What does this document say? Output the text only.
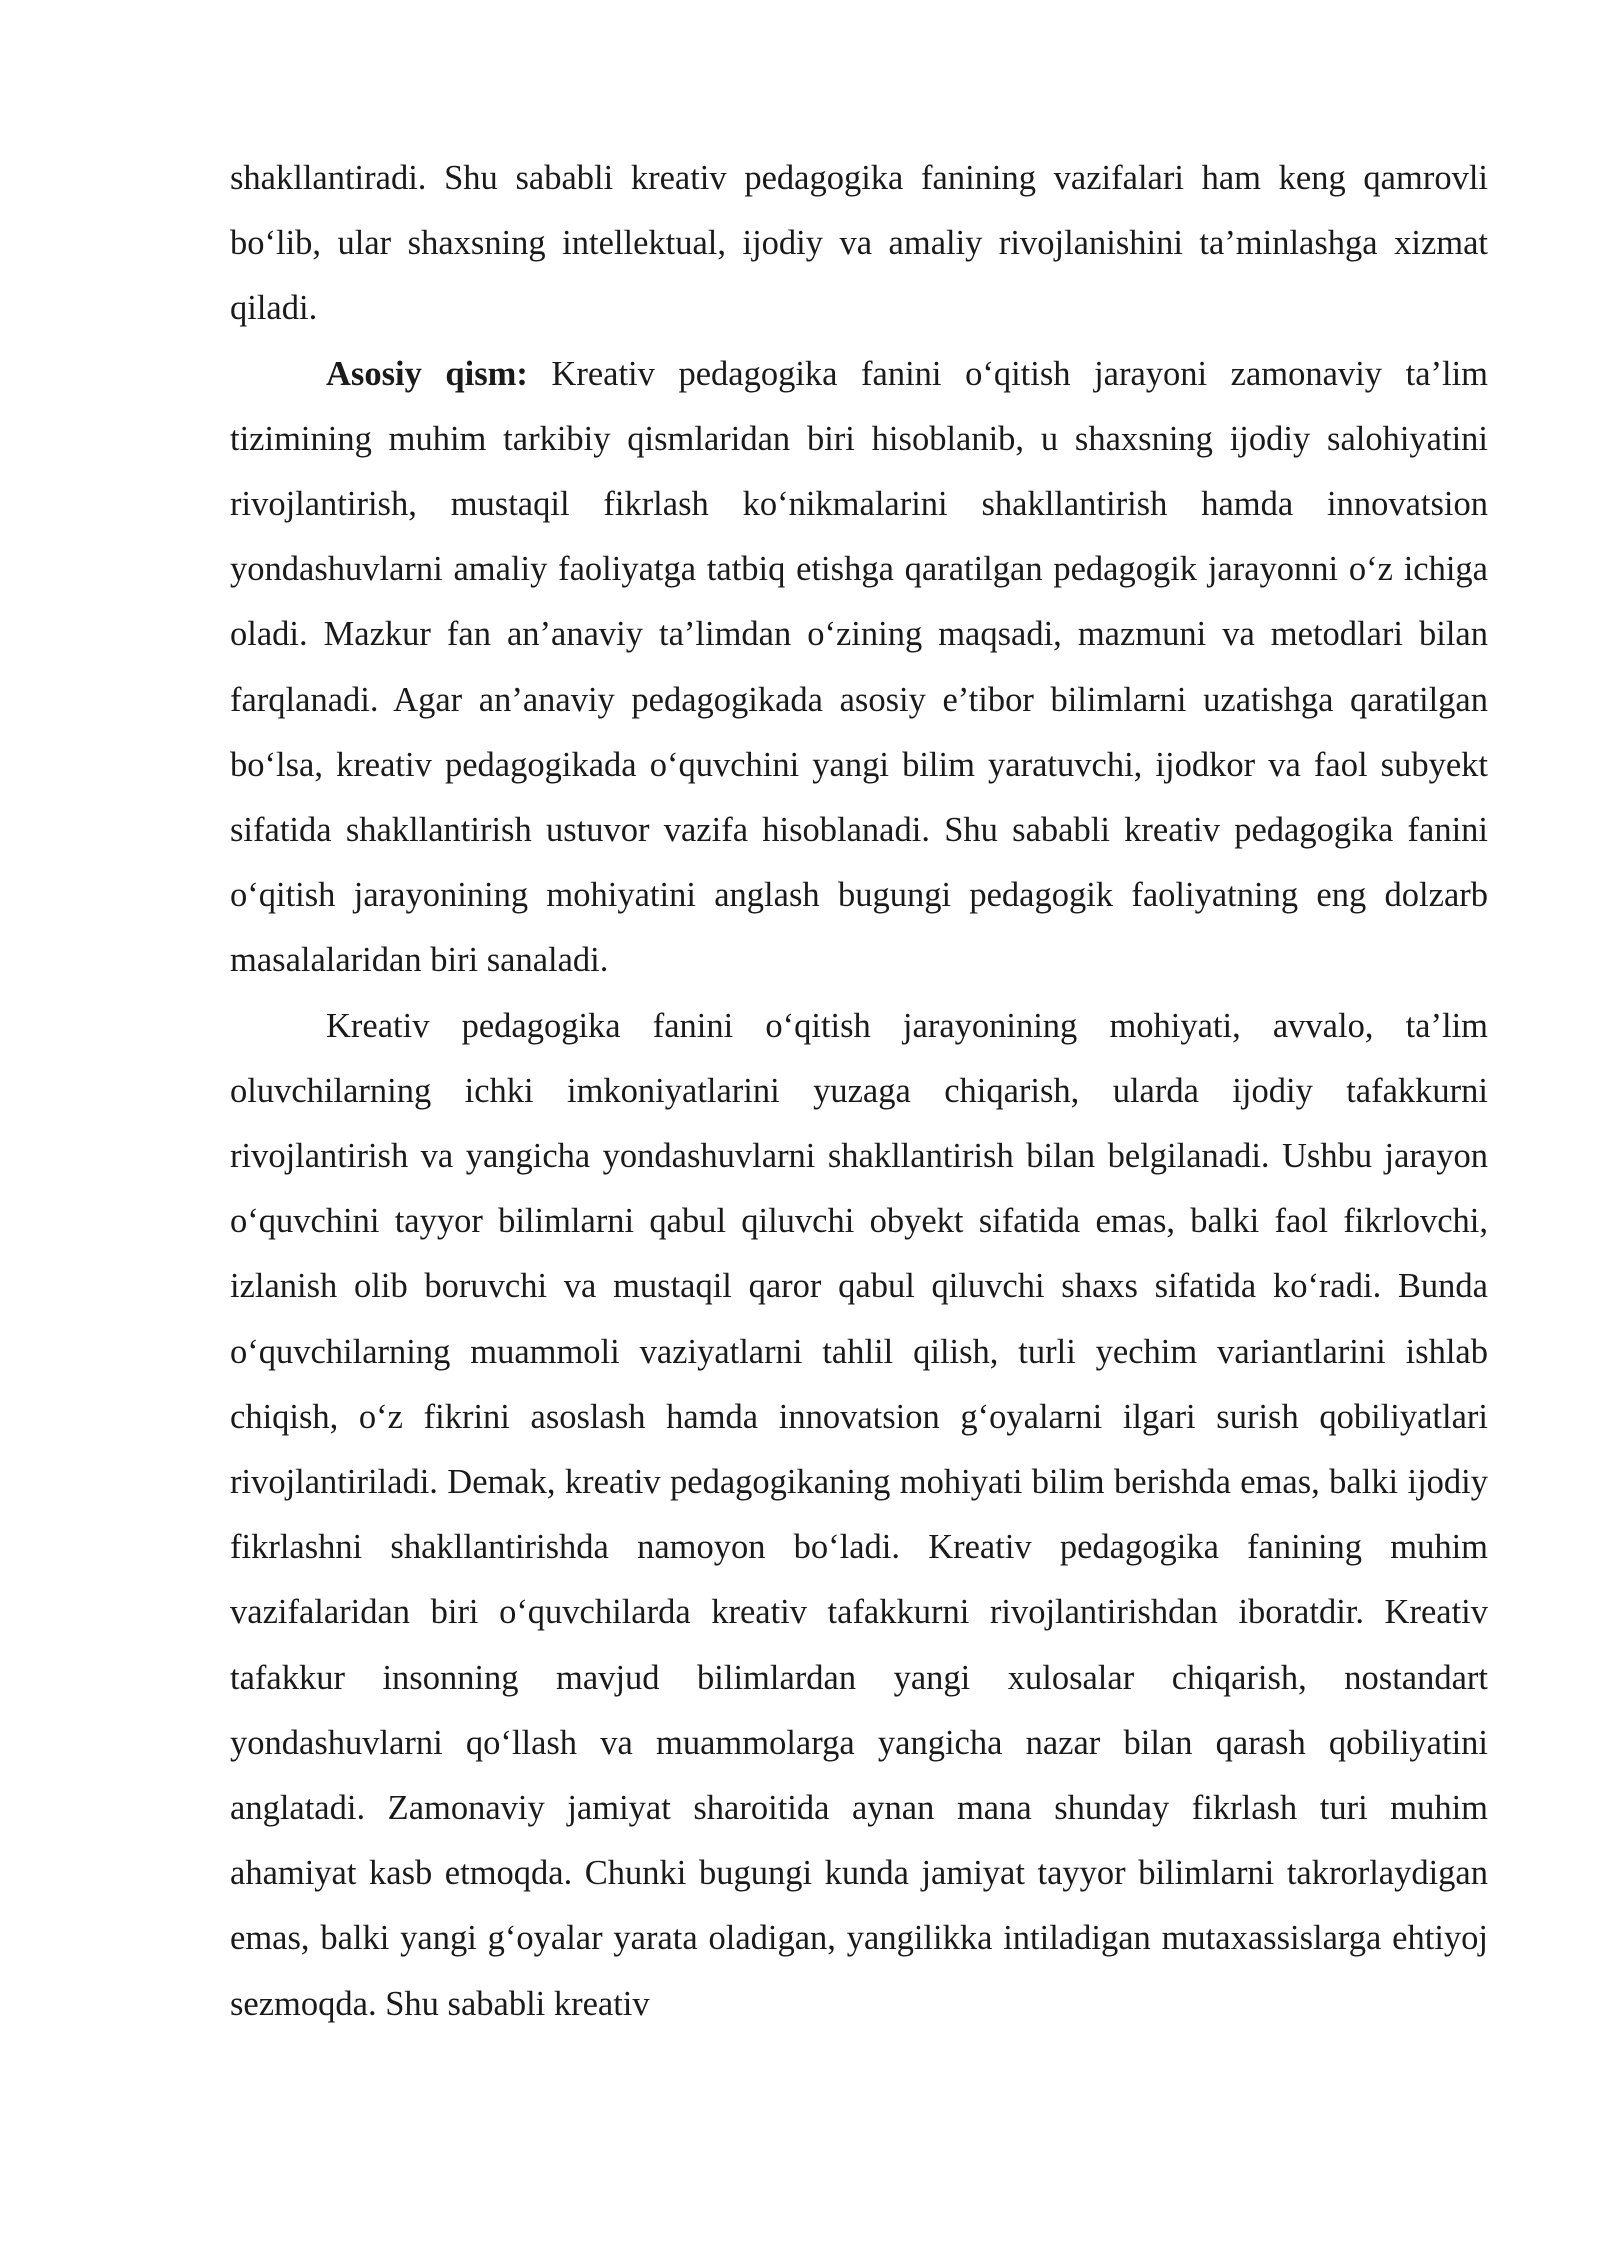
shakllantiradi. Shu sababli kreativ pedagogika fanining vazifalari ham keng qamrovli bo‘lib, ular shaxsning intellektual, ijodiy va amaliy rivojlanishini ta’minlashga xizmat qiladi.

Asosiy qism: Kreativ pedagogika fanini o‘qitish jarayoni zamonaviy ta’lim tizimining muhim tarkibiy qismlaridan biri hisoblanib, u shaxsning ijodiy salohiyatini rivojlantirish, mustaqil fikrlash ko‘nikmalarini shakllantirish hamda innovatsion yondashuvlarni amaliy faoliyatga tatbiq etishga qaratilgan pedagogik jarayonni o‘z ichiga oladi. Mazkur fan an’anaviy ta’limdan o‘zining maqsadi, mazmuni va metodlari bilan farqlanadi. Agar an’anaviy pedagogikada asosiy e’tibor bilimlarni uzatishga qaratilgan bo‘lsa, kreativ pedagogikada o‘quvchini yangi bilim yaratuvchi, ijodkor va faol subyekt sifatida shakllantirish ustuvor vazifa hisoblanadi. Shu sababli kreativ pedagogika fanini o‘qitish jarayonining mohiyatini anglash bugungi pedagogik faoliyatning eng dolzarb masalalaridan biri sanaladi.

Kreativ pedagogika fanini o‘qitish jarayonining mohiyati, avvalo, ta’lim oluvchilarning ichki imkoniyatlarini yuzaga chiqarish, ularda ijodiy tafakkurni rivojlantirish va yangicha yondashuvlarni shakllantirish bilan belgilanadi. Ushbu jarayon o‘quvchini tayyor bilimlarni qabul qiluvchi obyekt sifatida emas, balki faol fikrlovchi, izlanish olib boruvchi va mustaqil qaror qabul qiluvchi shaxs sifatida ko‘radi. Bunda o‘quvchilarning muammoli vaziyatlarni tahlil qilish, turli yechim variantlarini ishlab chiqish, o‘z fikrini asoslash hamda innovatsion g‘oyalarni ilgari surish qobiliyatlari rivojlantiriladi. Demak, kreativ pedagogikaning mohiyati bilim berishda emas, balki ijodiy fikrlashni shakllantirishda namoyon bo‘ladi. Kreativ pedagogika fanining muhim vazifalaridan biri o‘quvchilarda kreativ tafakkurni rivojlantirishdan iboratdir. Kreativ tafakkur insonning mavjud bilimlardan yangi xulosalar chiqarish, nostandart yondashuvlarni qo‘llash va muammolarga yangicha nazar bilan qarash qobiliyatini anglatadi. Zamonaviy jamiyat sharoitida aynan mana shunday fikrlash turi muhim ahamiyat kasb etmoqda. Chunki bugungi kunda jamiyat tayyor bilimlarni takrorlaydigan emas, balki yangi g‘oyalar yarata oladigan, yangilikka intiladigan mutaxassislarga ehtiyoj sezmoqda. Shu sababli kreativ
